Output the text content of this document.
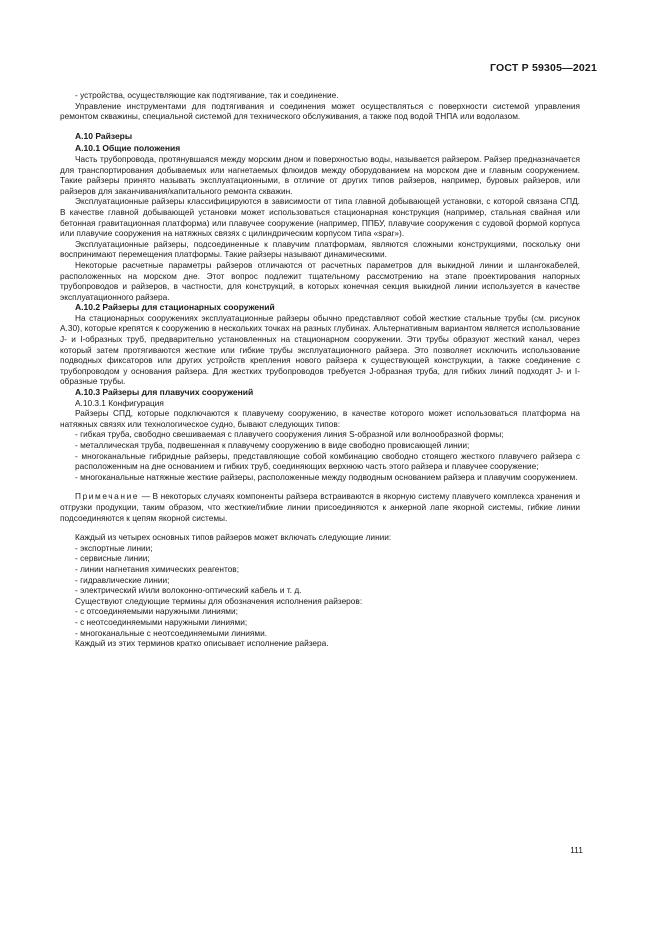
ГОСТ Р 59305—2021

- устройства, осуществляющие как подтягивание, так и соединение.

Управление инструментами для подтягивания и соединения может осуществляться с поверхности системой управления ремонтом скважины, специальной системой для технического обслуживания, а также под водой ТНПА или водолазом.

А.10 Райзеры

А.10.1 Общие положения

Часть трубопровода, протянувшаяся между морским дном и поверхностью воды, называется райзером. Райзер предназначается для транспортирования добываемых или нагнетаемых флюидов между оборудованием на морском дне и главным сооружением. Такие райзеры принято называть эксплуатационными, в отличие от других типов райзеров, например, буровых райзеров, или райзеров для заканчивания/капитального ремонта скважин.

Эксплуатационные райзеры классифицируются в зависимости от типа главной добывающей установки, с которой связана СПД. В качестве главной добывающей установки может использоваться стационарная конструкция (например, стальная свайная или бетонная гравитационная платформа) или плавучее сооружение (например, ППБУ, плавучие сооружения с судовой формой корпуса или плавучие сооружения на натяжных связях с цилиндрическим корпусом типа «spar»).

Эксплуатационные райзеры, подсоединенные к плавучим платформам, являются сложными конструкциями, поскольку они воспринимают перемещения платформы. Такие райзеры называют динамическими.

Некоторые расчетные параметры райзеров отличаются от расчетных параметров для выкидной линии и шлангокабелей, расположенных на морском дне. Этот вопрос подлежит тщательному рассмотрению на этапе проектирования напорных трубопроводов и райзеров, в частности, для конструкций, в которых конечная секция выкидной линии используется в качестве эксплуатационного райзера.

А.10.2 Райзеры для стационарных сооружений

На стационарных сооружениях эксплуатационные райзеры обычно представляют собой жесткие стальные трубы (см. рисунок А.30), которые крепятся к сооружению в нескольких точках на разных глубинах. Альтернативным вариантом является использование J- и I-образных труб, предварительно установленных на стационарном сооружении. Эти трубы образуют жесткий канал, через который затем протягиваются жесткие или гибкие трубы эксплуатационного райзера. Это позволяет исключить использование подводных фиксаторов или других устройств крепления нового райзера к существующей конструкции, а также соединение с трубопроводом у основания райзера. Для жестких трубопроводов требуется J-образная труба, для гибких линий подходят J- и I-образные трубы.

А.10.3 Райзеры для плавучих сооружений

А.10.3.1 Конфигурация

Райзеры СПД, которые подключаются к плавучему сооружению, в качестве которого может использоваться платформа на натяжных связях или технологическое судно, бывают следующих типов:

- гибкая труба, свободно свешиваемая с плавучего сооружения линия S-образной или волнообразной формы;

- металлическая труба, подвешенная к плавучему сооружению в виде свободно провисающей линии;

- многоканальные гибридные райзеры, представляющие собой комбинацию свободно стоящего жесткого плавучего райзера с расположенным на дне основанием и гибких труб, соединяющих верхнюю часть этого райзера и плавучее сооружение;

- многоканальные натяжные жесткие райзеры, расположенные между подводным основанием райзера и плавучим сооружением.

Примечание — В некоторых случаях компоненты райзера встраиваются в якорную систему плавучего комплекса хранения и отгрузки продукции, таким образом, что жесткие/гибкие линии присоединяются к анкерной лапе якорной системы, гибкие линии подсоединяются к цепям якорной системы.

Каждый из четырех основных типов райзеров может включать следующие линии:

- экспортные линии;

- сервисные линии;

- линии нагнетания химических реагентов;

- гидравлические линии;

- электрический и/или волоконно-оптический кабель и т. д.

Существуют следующие термины для обозначения исполнения райзеров:

- с отсоединяемыми наружными линиями;

- с неотсоединяемыми наружными линиями;

- многоканальные с неотсоединяемыми линиями.

Каждый из этих терминов кратко описывает исполнение райзера.

111
